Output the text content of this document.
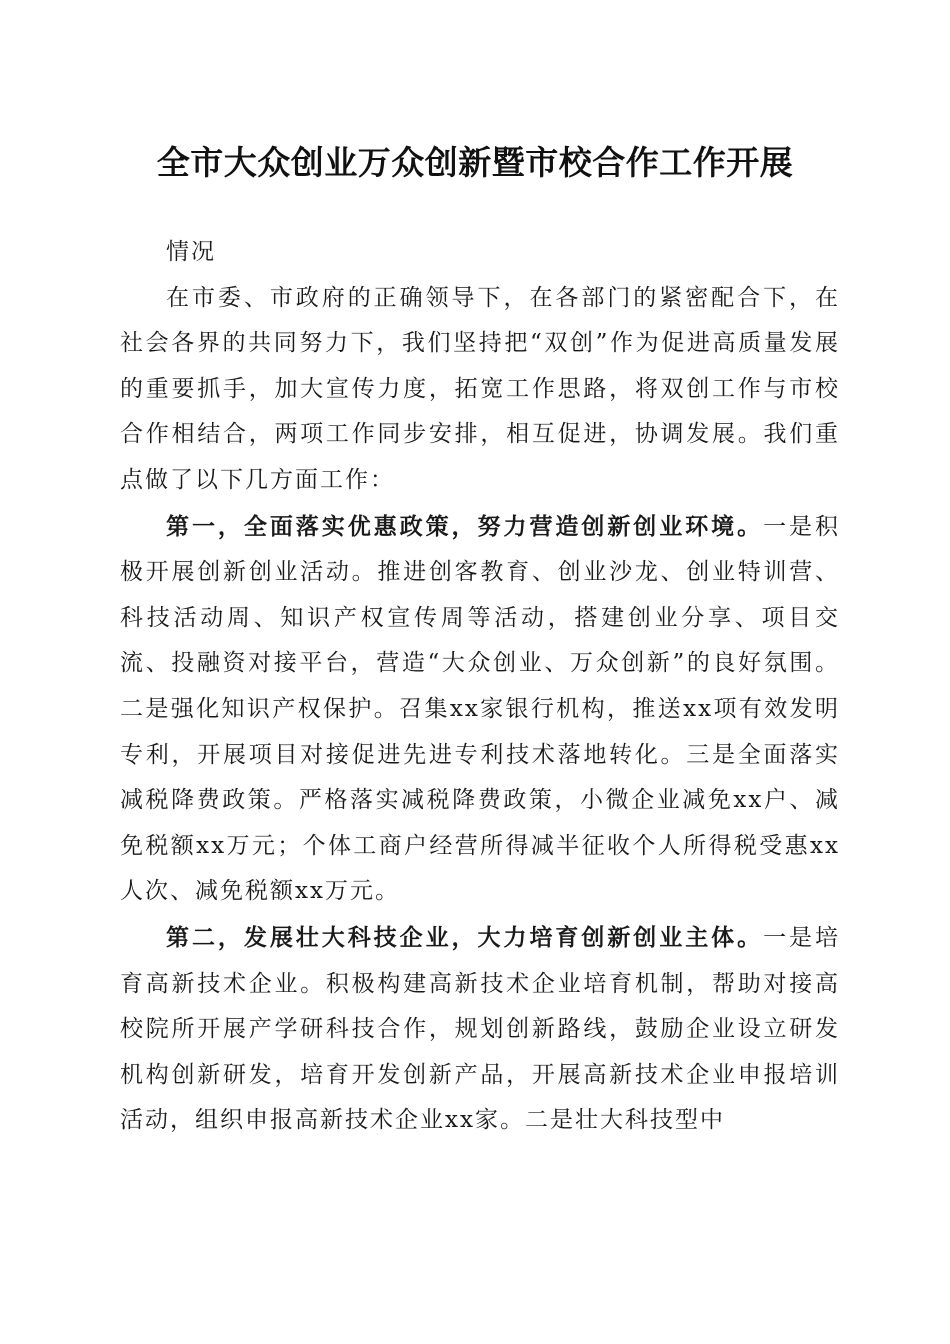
全市大众创业万众创新暨市校合作工作开展

情况

在市委、市政府的正确领导下，在各部门的紧密配合下，在社会各界的共同努力下，我们坚持把“双创”作为促进高质量发展的重要抓手，加大宣传力度，拓宽工作思路，将双创工作与市校合作相结合，两项工作同步安排，相互促进，协调发展。我们重点做了以下几方面工作：

第一，全面落实优惠政策，努力营造创新创业环境。一是积极开展创新创业活动。推进创客教育、创业沙龙、创业特训营、科技活动周、知识产权宣传周等活动，搭建创业分享、项目交流、投融资对接平台，营造“大众创业、万众创新”的良好氛围。二是强化知识产权保护。召集xx家银行机构，推送xx项有效发明专利，开展项目对接促进先进专利技术落地转化。三是全面落实减税降费政策。严格落实减税降费政策，小微企业减免xx户、减免税额xx万元；个体工商户经营所得减半征收个人所得税受惠xx人次、减免税额xx万元。

第二，发展壮大科技企业，大力培育创新创业主体。一是培育高新技术企业。积极构建高新技术企业培育机制，帮助对接高校院所开展产学研科技合作，规划创新路线，鼓励企业设立研发机构创新研发，培育开发创新产品，开展高新技术企业申报培训活动，组织申报高新技术企业xx家。二是壮大科技型中
